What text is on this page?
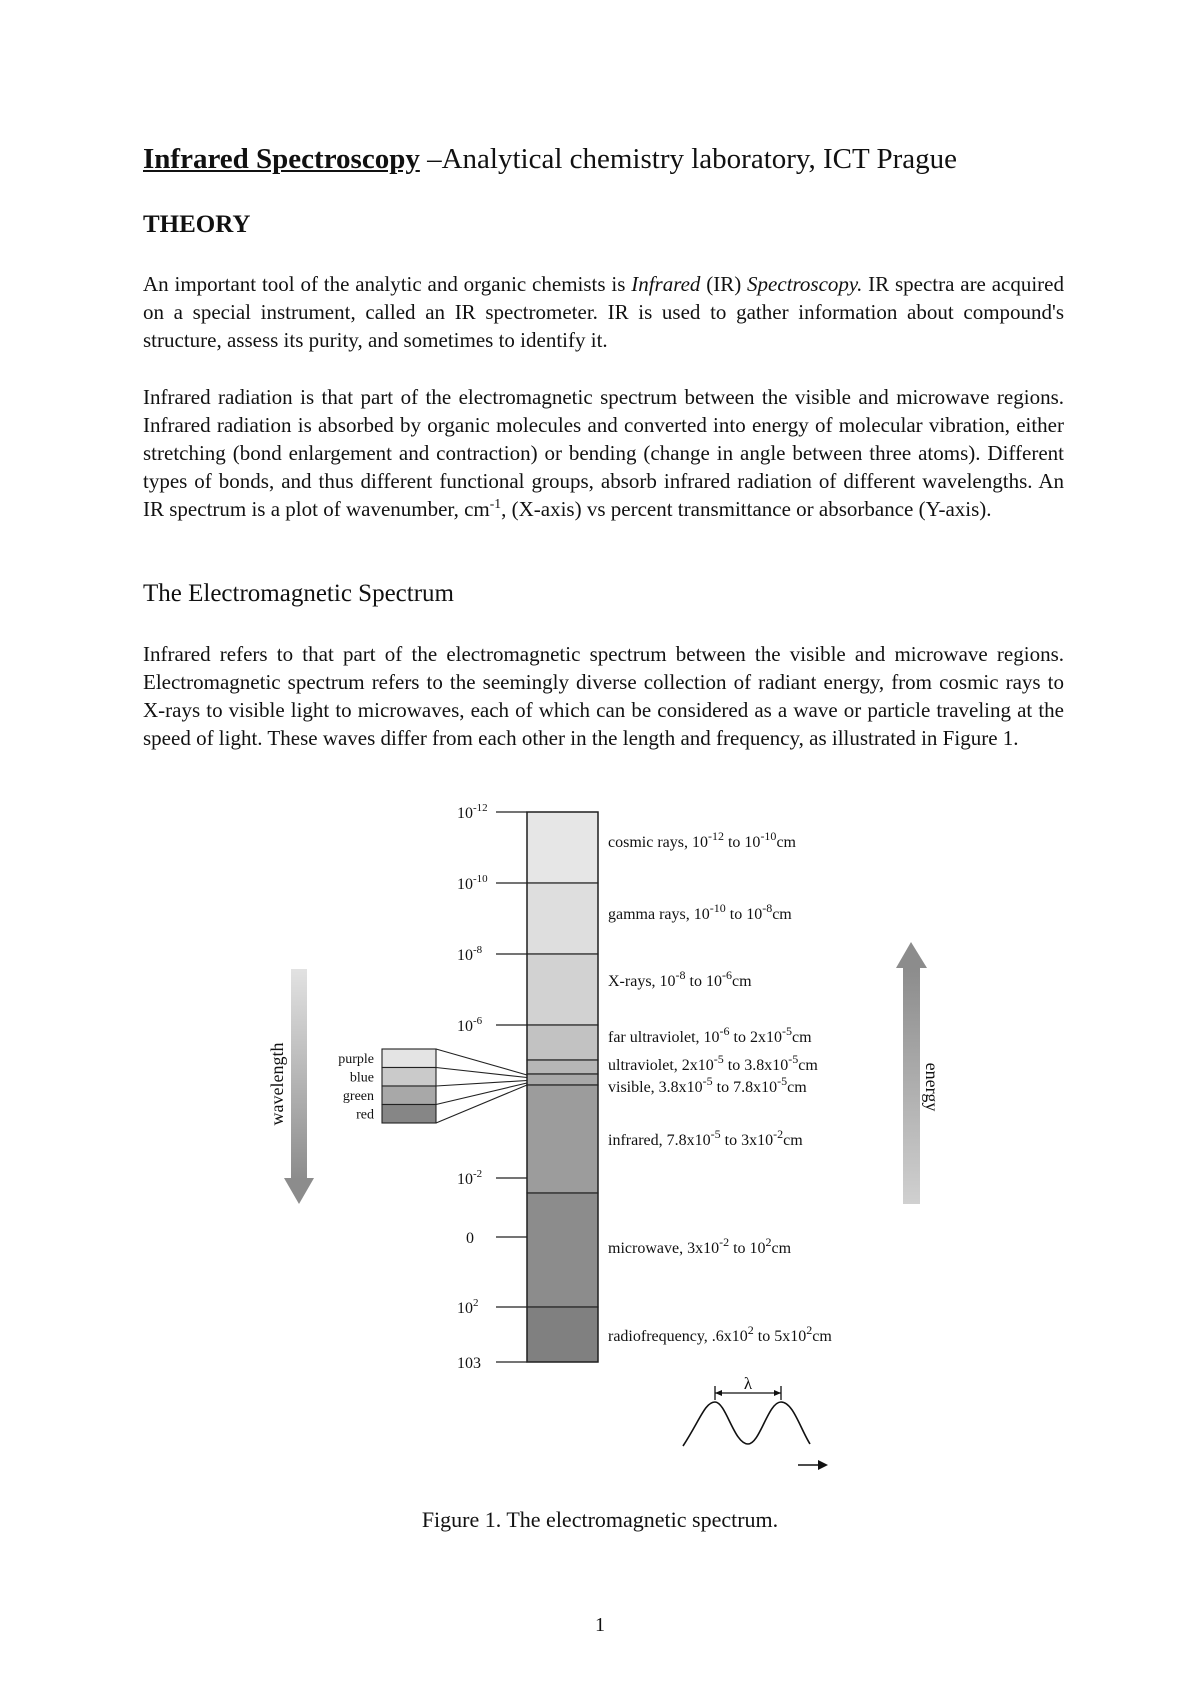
Infrared Spectroscopy –Analytical chemistry laboratory, ICT Prague
THEORY

An important tool of the analytic and organic chemists is Infrared (IR) Spectroscopy. IR spectra are acquired on a special instrument, called an IR spectrometer. IR is used to gather information about compound's structure, assess its purity, and sometimes to identify it.

Infrared radiation is that part of the electromagnetic spectrum between the visible and microwave regions. Infrared radiation is absorbed by organic molecules and converted into energy of molecular vibration, either stretching (bond enlargement and contraction) or bending (change in angle between three atoms). Different types of bonds, and thus different functional groups, absorb infrared radiation of different wavelengths. An IR spectrum is a plot of wavenumber, $cm^{-1}$, (X-axis) vs percent transmittance or absorbance (Y-axis).

The Electromagnetic Spectrum

Infrared refers to that part of the electromagnetic spectrum between the visible and microwave regions. Electromagnetic spectrum refers to the seemingly diverse collection of radiant energy, from cosmic rays to X-rays to visible light to microwaves, each of which can be considered as a wave or particle traveling at the speed of light. These waves differ from each other in the length and frequency, as illustrated in Figure 1.

$10^{-12}$
$10^{-10}$
$10^{-8}$
$10^{-6}$
$10^{-2}$
0
$10^2$
103
cosmic rays, $10^{-12}$ to $10^{-10}cm$
gamma rays, $10^{-10}$ to $10^{-8}cm$
X-rays, $10^{-8}$ to $10^{-6}cm$
far ultraviolet, $10^{-6}$ to $2x10^{-5}cm$
ultraviolet, $2x10^{-5}$ to $3.8x10^{-5}cm$
visible, $3.8x10^{-5}$ to $7.8x10^{-5}cm$
infrared, $7.8x10^{-5}$ to $3x10^{-2}cm$
microwave, $3x10^{-2}$ to $10^2cm$
radiofrequency, $.6x10^2$ to $5x10^2cm$
purple
blue
green
red
wavelength	energy
λ
Figure 1. The electromagnetic spectrum.
1
